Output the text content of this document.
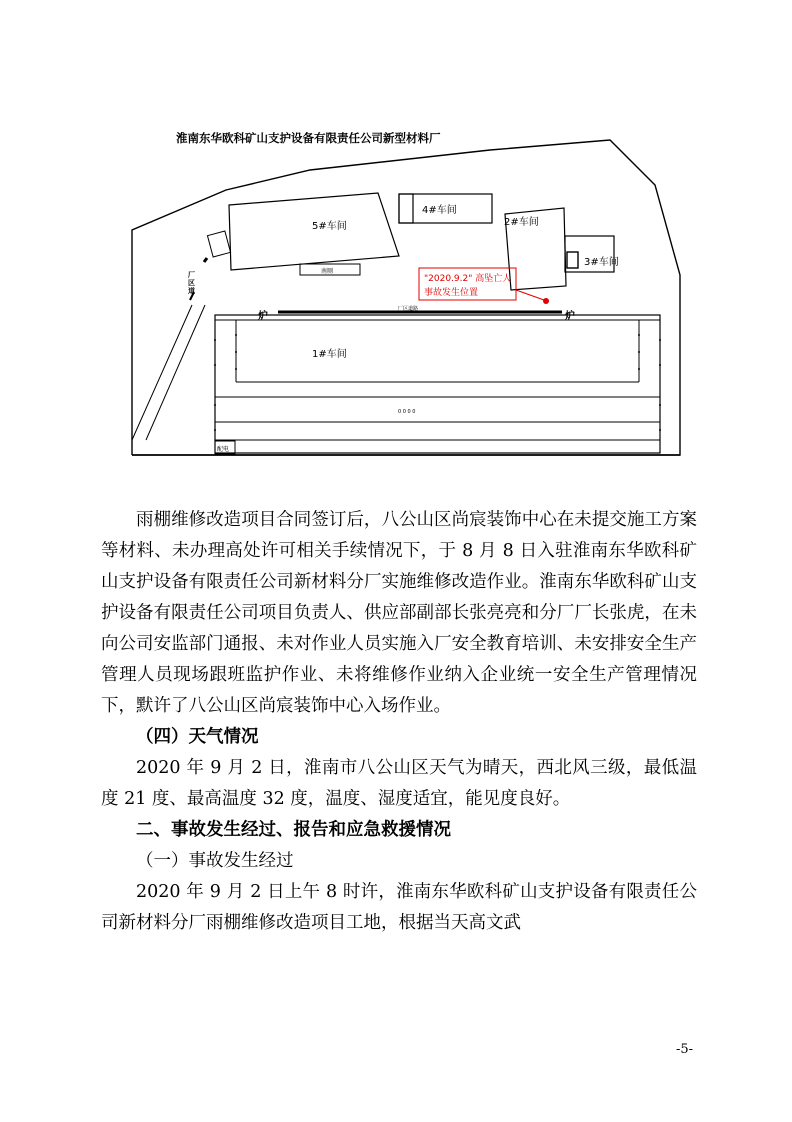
淮南东华欧科矿山支护设备有限责任公司新型材料厂
5#车间
南厕
4#车间
2#车间
3#车间
"2020.9.2" 高坠亡人
事故发生位置
厂区道路
炉	炉
1#车间
0 0 0 0
配电
厂区道

雨棚维修改造项目合同签订后，八公山区尚宸装饰中心在未提交施工方案等材料、未办理高处许可相关手续情况下，于 8 月 8 日入驻淮南东华欧科矿山支护设备有限责任公司新材料分厂实施维修改造作业。淮南东华欧科矿山支护设备有限责任公司项目负责人、供应部副部长张亮亮和分厂厂长张虎，在未向公司安监部门通报、未对作业人员实施入厂安全教育培训、未安排安全生产管理人员现场跟班监护作业、未将维修作业纳入企业统一安全生产管理情况下，默许了八公山区尚宸装饰中心入场作业。

（四）天气情况

2020 年 9 月 2 日，淮南市八公山区天气为晴天，西北风三级，最低温度 21 度、最高温度 32 度，温度、湿度适宜，能见度良好。

二、事故发生经过、报告和应急救援情况

（一）事故发生经过

2020 年 9 月 2 日上午 8 时许，淮南东华欧科矿山支护设备有限责任公司新材料分厂雨棚维修改造项目工地，根据当天高文武

-5-
